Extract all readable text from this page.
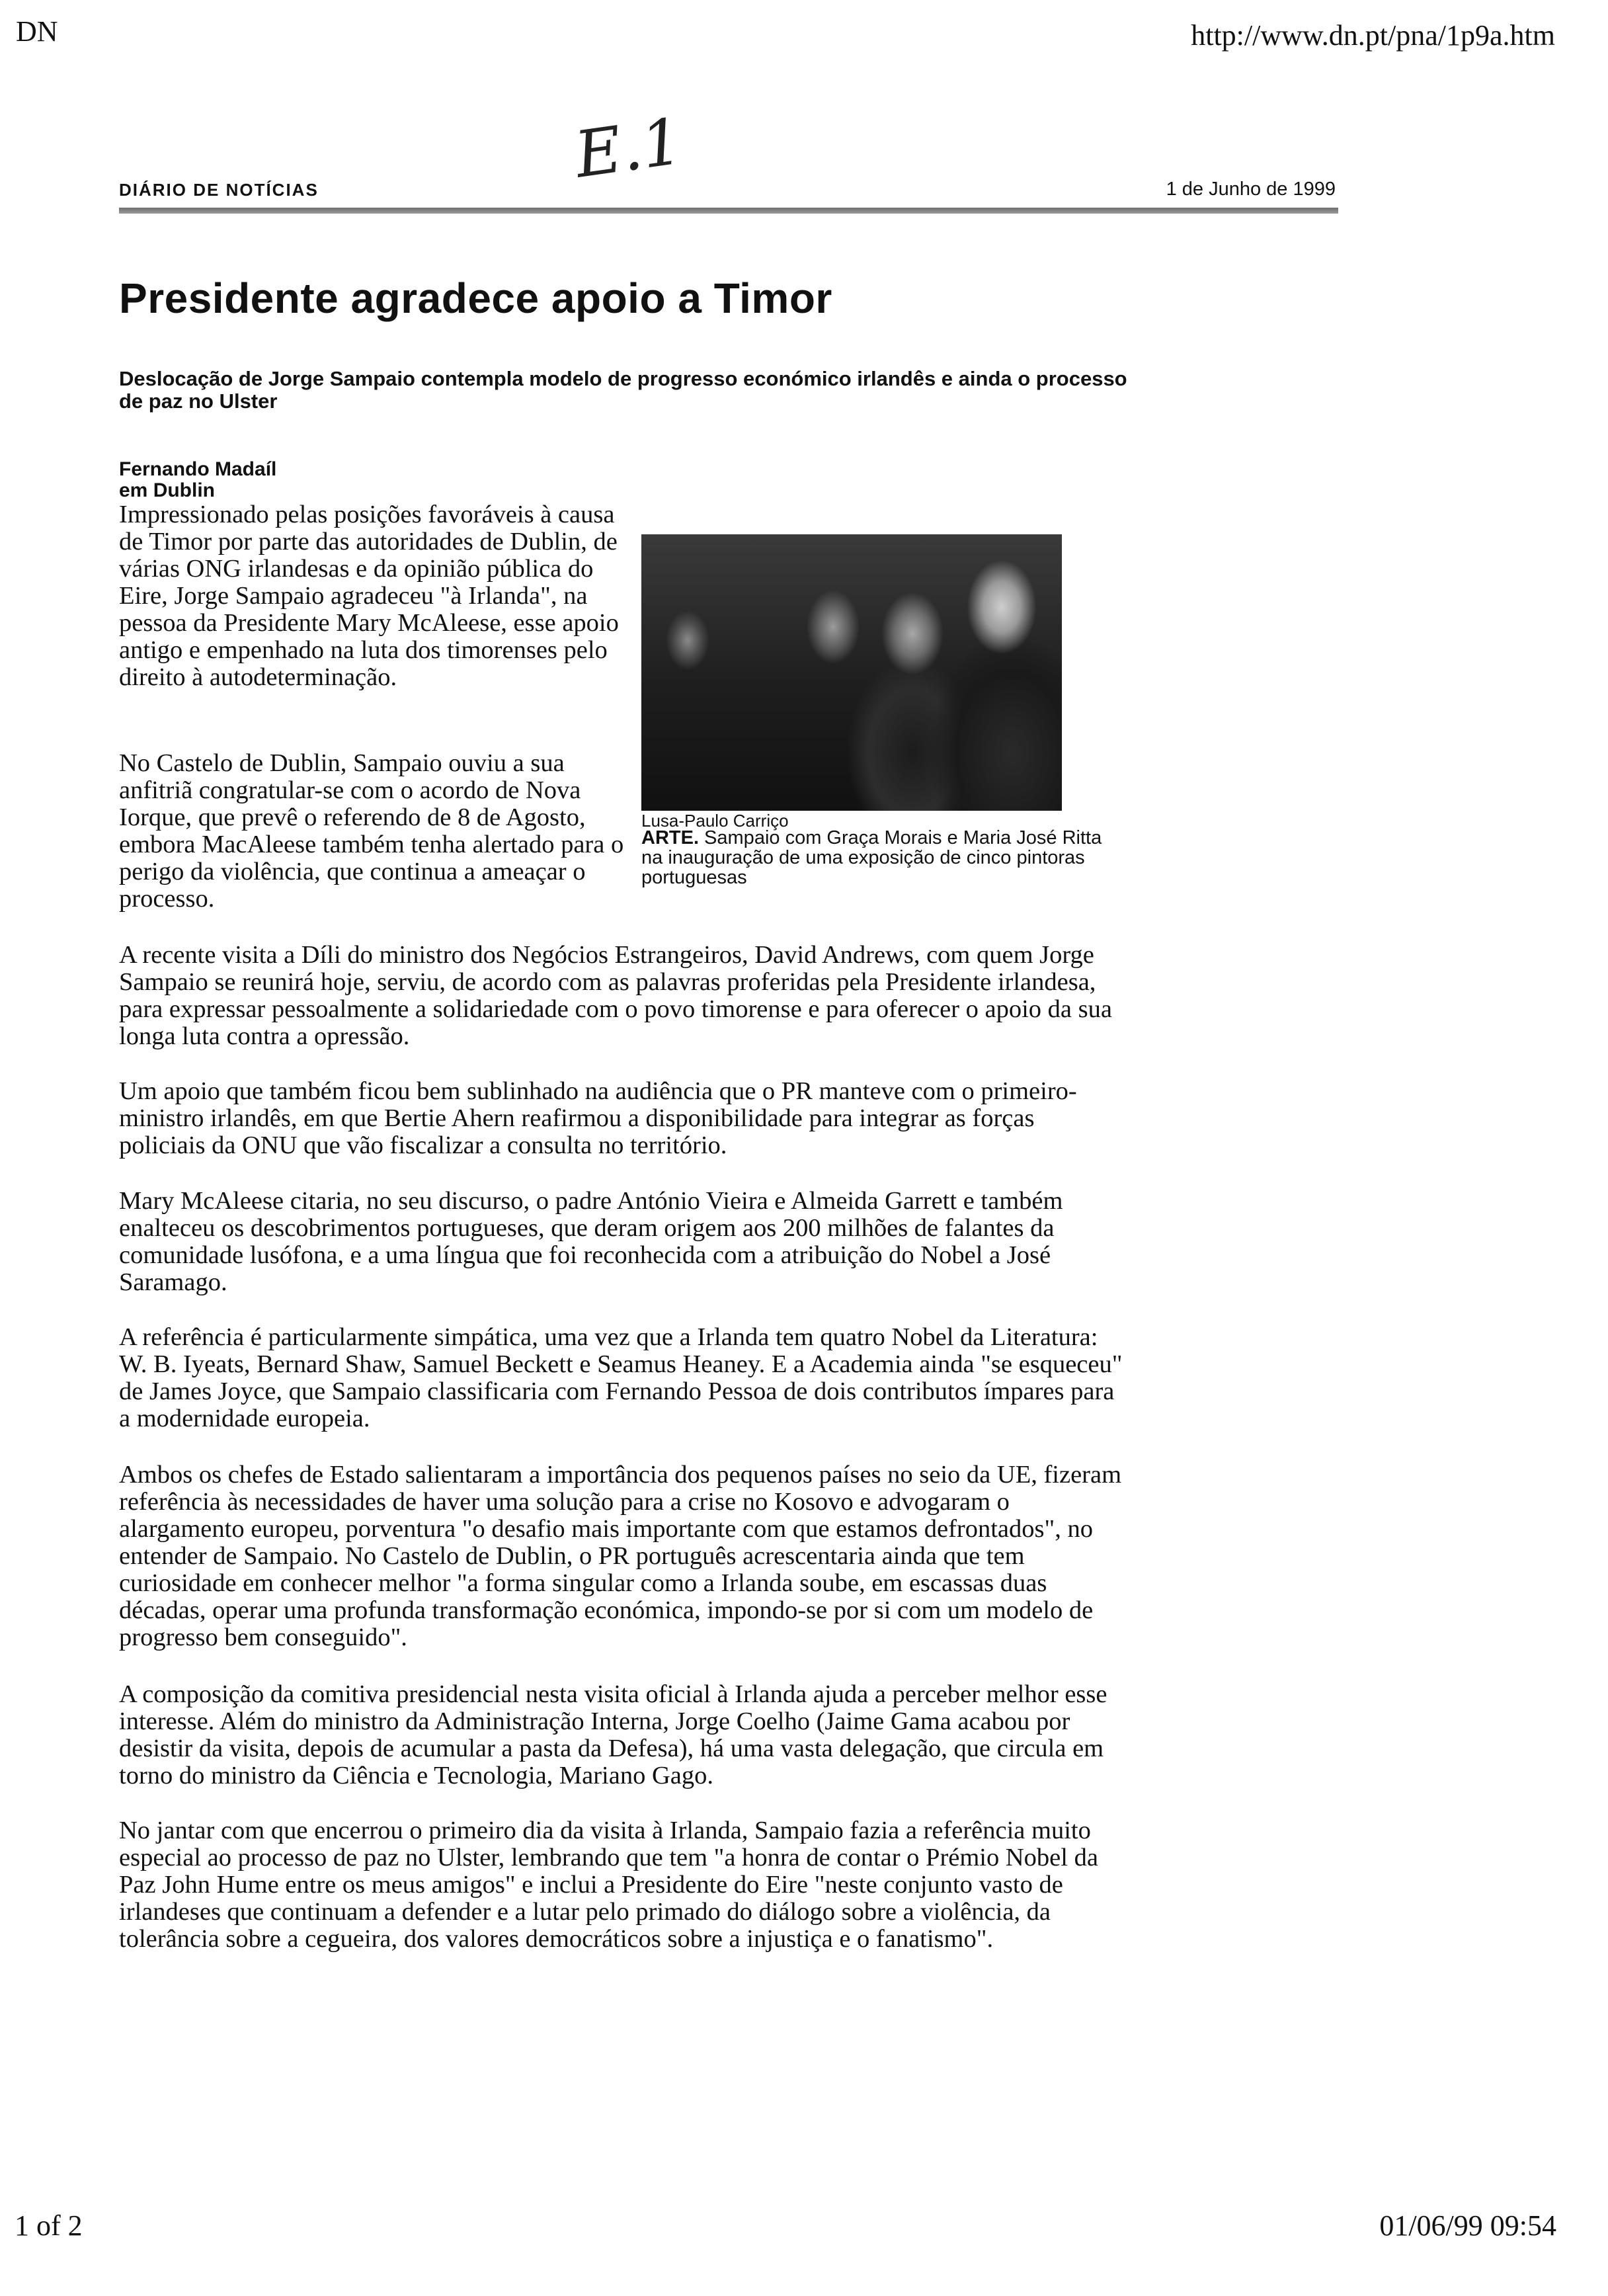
DN	http://www.dn.pt/pna/1p9a.htm
E.1
DIÁRIO DE NOTÍCIAS	1 de Junho de 1999
Presidente agradece apoio a Timor
Deslocação de Jorge Sampaio contempla modelo de progresso económico irlandês e ainda o processo de paz no Ulster
Fernando Madaíl
em Dublin

Impressionado pelas posições favoráveis à causa de Timor por parte das autoridades de Dublin, de várias ONG irlandesas e da opinião pública do Eire, Jorge Sampaio agradeceu "à Irlanda", na pessoa da Presidente Mary McAleese, esse apoio antigo e empenhado na luta dos timorenses pelo direito à autodeterminação.

No Castelo de Dublin, Sampaio ouviu a sua anfitriã congratular-se com o acordo de Nova Iorque, que prevê o referendo de 8 de Agosto, embora MacAleese também tenha alertado para o perigo da violência, que continua a ameaçar o processo.

Lusa-Paulo Carriço
ARTE. Sampaio com Graça Morais e Maria José Ritta na inauguração de uma exposição de cinco pintoras portuguesas

A recente visita a Díli do ministro dos Negócios Estrangeiros, David Andrews, com quem Jorge Sampaio se reunirá hoje, serviu, de acordo com as palavras proferidas pela Presidente irlandesa, para expressar pessoalmente a solidariedade com o povo timorense e para oferecer o apoio da sua longa luta contra a opressão.

Um apoio que também ficou bem sublinhado na audiência que o PR manteve com o primeiro-ministro irlandês, em que Bertie Ahern reafirmou a disponibilidade para integrar as forças policiais da ONU que vão fiscalizar a consulta no território.

Mary McAleese citaria, no seu discurso, o padre António Vieira e Almeida Garrett e também enalteceu os descobrimentos portugueses, que deram origem aos 200 milhões de falantes da comunidade lusófona, e a uma língua que foi reconhecida com a atribuição do Nobel a José Saramago.

A referência é particularmente simpática, uma vez que a Irlanda tem quatro Nobel da Literatura: W. B. Iyeats, Bernard Shaw, Samuel Beckett e Seamus Heaney. E a Academia ainda "se esqueceu" de James Joyce, que Sampaio classificaria com Fernando Pessoa de dois contributos ímpares para a modernidade europeia.

Ambos os chefes de Estado salientaram a importância dos pequenos países no seio da UE, fizeram referência às necessidades de haver uma solução para a crise no Kosovo e advogaram o alargamento europeu, porventura "o desafio mais importante com que estamos defrontados", no entender de Sampaio. No Castelo de Dublin, o PR português acrescentaria ainda que tem curiosidade em conhecer melhor "a forma singular como a Irlanda soube, em escassas duas décadas, operar uma profunda transformação económica, impondo-se por si com um modelo de progresso bem conseguido".

A composição da comitiva presidencial nesta visita oficial à Irlanda ajuda a perceber melhor esse interesse. Além do ministro da Administração Interna, Jorge Coelho (Jaime Gama acabou por desistir da visita, depois de acumular a pasta da Defesa), há uma vasta delegação, que circula em torno do ministro da Ciência e Tecnologia, Mariano Gago.

No jantar com que encerrou o primeiro dia da visita à Irlanda, Sampaio fazia a referência muito especial ao processo de paz no Ulster, lembrando que tem "a honra de contar o Prémio Nobel da Paz John Hume entre os meus amigos" e inclui a Presidente do Eire "neste conjunto vasto de irlandeses que continuam a defender e a lutar pelo primado do diálogo sobre a violência, da tolerância sobre a cegueira, dos valores democráticos sobre a injustiça e o fanatismo".

1 of 2	01/06/99 09:54
